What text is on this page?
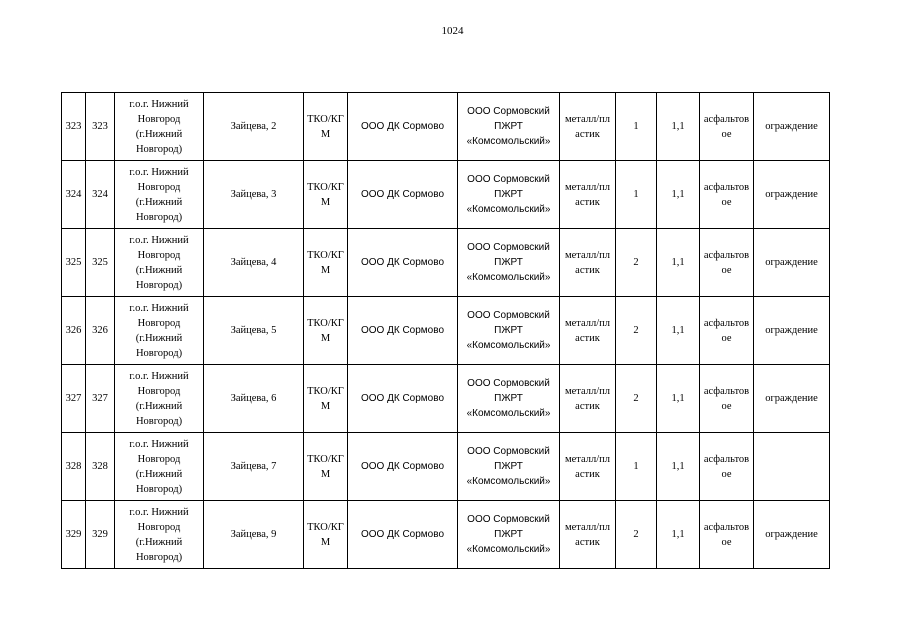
1024
323	323	г.о.г. Нижний
Новгород
(г.Нижний
Новгород)	Зайцева, 2	ТКО/КГ
М	ООО ДК Сормово	ООО Сормовский
ПЖРТ
«Комсомольский»	металл/пл
астик	1	1,1	асфальтов
ое	ограждение
324	324	г.о.г. Нижний
Новгород
(г.Нижний
Новгород)	Зайцева, 3	ТКО/КГ
М	ООО ДК Сормово	ООО Сормовский
ПЖРТ
«Комсомольский»	металл/пл
астик	1	1,1	асфальтов
ое	ограждение
325	325	г.о.г. Нижний
Новгород
(г.Нижний
Новгород)	Зайцева, 4	ТКО/КГ
М	ООО ДК Сормово	ООО Сормовский
ПЖРТ
«Комсомольский»	металл/пл
астик	2	1,1	асфальтов
ое	ограждение
326	326	г.о.г. Нижний
Новгород
(г.Нижний
Новгород)	Зайцева, 5	ТКО/КГ
М	ООО ДК Сормово	ООО Сормовский
ПЖРТ
«Комсомольский»	металл/пл
астик	2	1,1	асфальтов
ое	ограждение
327	327	г.о.г. Нижний
Новгород
(г.Нижний
Новгород)	Зайцева, 6	ТКО/КГ
М	ООО ДК Сормово	ООО Сормовский
ПЖРТ
«Комсомольский»	металл/пл
астик	2	1,1	асфальтов
ое	ограждение
328	328	г.о.г. Нижний
Новгород
(г.Нижний
Новгород)	Зайцева, 7	ТКО/КГ
М	ООО ДК Сормово	ООО Сормовский
ПЖРТ
«Комсомольский»	металл/пл
астик	1	1,1	асфальтов
ое	
329	329	г.о.г. Нижний
Новгород
(г.Нижний
Новгород)	Зайцева, 9	ТКО/КГ
М	ООО ДК Сормово	ООО Сормовский
ПЖРТ
«Комсомольский»	металл/пл
астик	2	1,1	асфальтов
ое	ограждение
